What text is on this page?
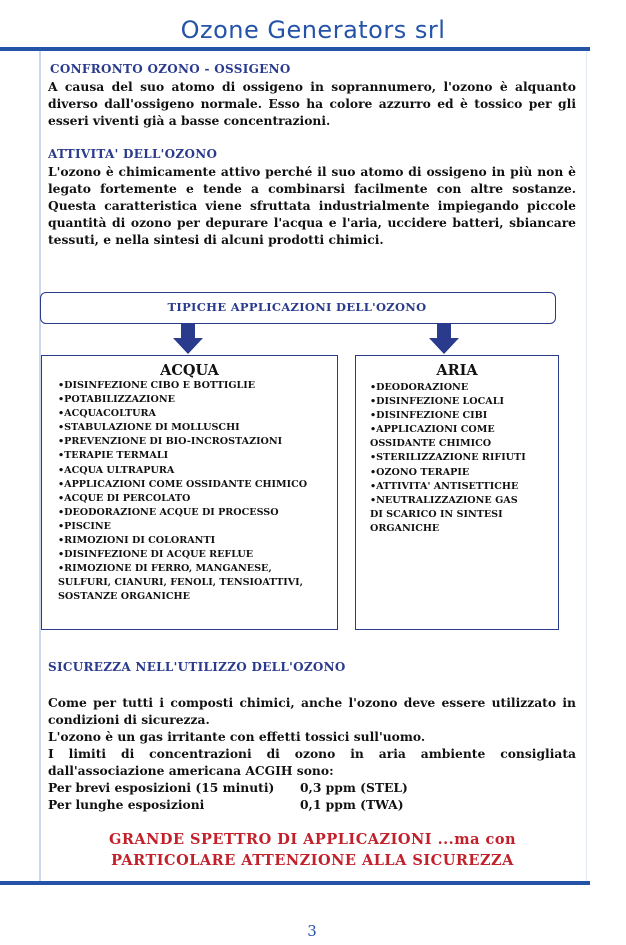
Ozone Generators srl
CONFRONTO OZONO - OSSIGENO
A causa del suo atomo di ossigeno in soprannumero, l'ozono è alquanto diverso dall'ossigeno normale. Esso ha colore azzurro ed è tossico per gli esseri viventi già a basse concentrazioni.
ATTIVITA' DELL'OZONO
L'ozono è chimicamente attivo perché il suo atomo di ossigeno in più non è legato fortemente e tende a combinarsi facilmente con altre sostanze. Questa caratteristica viene sfruttata industrialmente impiegando piccole quantità di ozono per depurare l'acqua e l'aria, uccidere batteri, sbiancare tessuti, e nella sintesi di alcuni prodotti chimici.
TIPICHE APPLICAZIONI DELL'OZONO
ACQUA
•DISINFEZIONE CIBO E BOTTIGLIE
•POTABILIZZAZIONE
•ACQUACOLTURA
•STABULAZIONE DI MOLLUSCHI
•PREVENZIONE DI BIO-INCROSTAZIONI
•TERAPIE TERMALI
•ACQUA ULTRAPURA
•APPLICAZIONI COME OSSIDANTE CHIMICO
•ACQUE DI PERCOLATO
•DEODORAZIONE ACQUE DI PROCESSO
•PISCINE
•RIMOZIONI DI COLORANTI
•DISINFEZIONE DI ACQUE REFLUE
•RIMOZIONE DI FERRO, MANGANESE,
SULFURI, CIANURI, FENOLI, TENSIOATTIVI,
SOSTANZE ORGANICHE
ARIA
•DEODORAZIONE
•DISINFEZIONE LOCALI
•DISINFEZIONE CIBI
•APPLICAZIONI COME
OSSIDANTE CHIMICO
•STERILIZZAZIONE RIFIUTI
•OZONO TERAPIE
•ATTIVITA' ANTISETTICHE
•NEUTRALIZZAZIONE GAS
DI SCARICO IN SINTESI
ORGANICHE
SICUREZZA NELL'UTILIZZO DELL'OZONO

Come per tutti i composti chimici, anche l'ozono deve essere utilizzato in condizioni di sicurezza.

L'ozono è un gas irritante con effetti tossici sull'uomo.

I limiti di concentrazioni di ozono in aria ambiente consigliata dall'associazione americana ACGIH sono:

Per brevi esposizioni (15 minuti)	0,3 ppm (STEL)
Per lunghe esposizioni	0,1 ppm (TWA)
GRANDE SPETTRO DI APPLICAZIONI ...ma con
PARTICOLARE ATTENZIONE ALLA SICUREZZA
3
